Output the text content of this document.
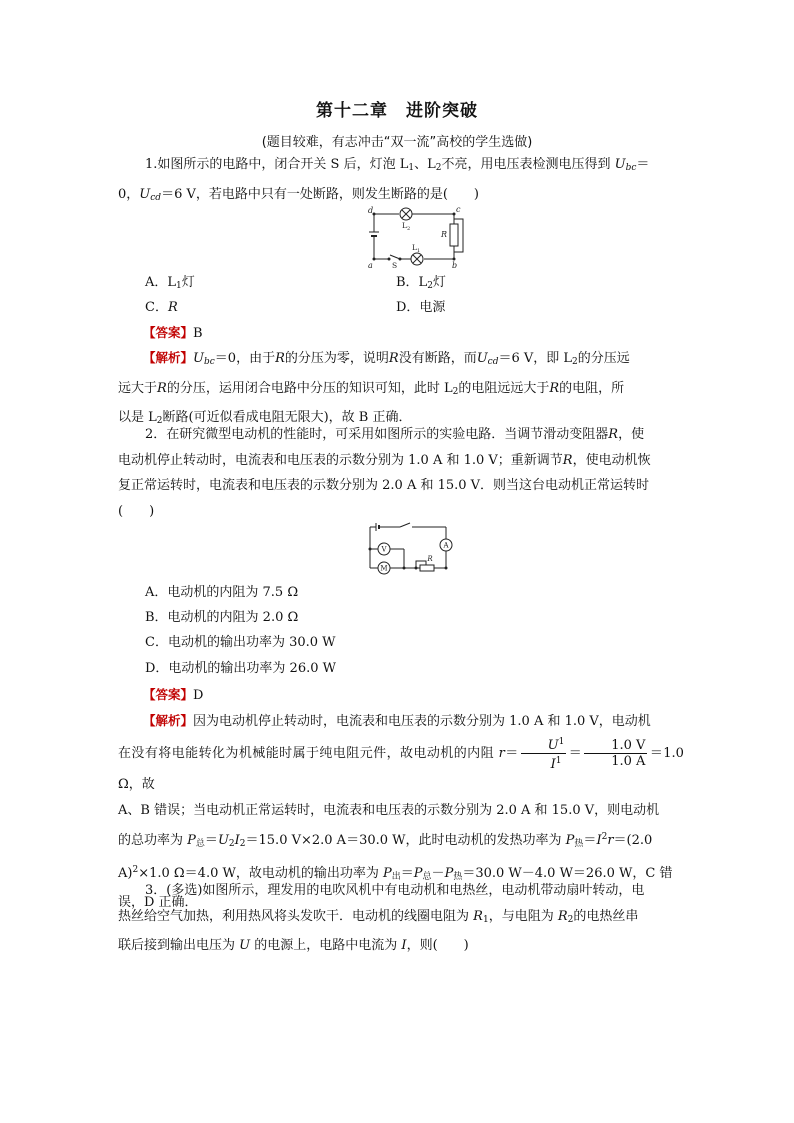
第十二章　进阶突破
(题目较难，有志冲击“双一流”高校的学生选做)
1.如图所示的电路中，闭合开关 S 后，灯泡 $L_1$、$L_2$不亮，用电压表检测电压得到 $U_{bc}=$
0，$U_{cd}=6$ V，若电路中只有一处断路，则发生断路的是(　　)
d	c
a	b
R
S
L 2
L 1
A．$L_1$灯	B．$L_2$灯
C．R	D．电源
【答案】B
【解析】$U_{bc}=0$，由于R的分压为零，说明R没有断路，而$U_{cd}=6$ V，即 $L_2$的分压远
远大于R的分压，运用闭合电路中分压的知识可知，此时 $L_2$的电阻远远大于R的电阻，所
以是 $L_2$断路(可近似看成电阻无限大)，故 B 正确．
2．在研究微型电动机的性能时，可采用如图所示的实验电路．当调节滑动变阻器R，使
电动机停止转动时，电流表和电压表的示数分别为 1.0 A 和 1.0 V；重新调节R，使电动机恢
复正常运转时，电流表和电压表的示数分别为 2.0 A 和 15.0 V．则当这台电动机正常运转时
(　　)
V	A
M
R
A．电动机的内阻为 7.5 Ω
B．电动机的内阻为 2.0 Ω
C．电动机的输出功率为 30.0 W
D．电动机的输出功率为 26.0 W
【答案】D
【解析】因为电动机停止转动时，电流表和电压表的示数分别为 1.0 A 和 1.0 V，电动机
在没有将电能转化为机械能时属于纯电阻元件，故电动机的内阻 $r= \frac{U^1}{I^1} = \frac{1.0 V}{1.0 A} =1.0$ Ω，故
A、B 错误；当电动机正常运转时，电流表和电压表的示数分别为 2.0 A 和 15.0 V，则电动机
的总功率为 $P_总=U_2I_2=15.0$ V×2.0 A＝30.0 W，此时电动机的发热功率为 $P_热=I^2r=(2.0$
A)$^2$×1.0 Ω＝4.0 W，故电动机的输出功率为 $P_出=P_总-P_热=30.0$ W－4.0 W＝26.0 W，C 错
误，D 正确．
3．(多选)如图所示，理发用的电吹风机中有电动机和电热丝，电动机带动扇叶转动，电
热丝给空气加热，利用热风将头发吹干．电动机的线圈电阻为 $R_1$，与电阻为 $R_2$的电热丝串
联后接到输出电压为 U 的电源上，电路中电流为 I，则(　　)
